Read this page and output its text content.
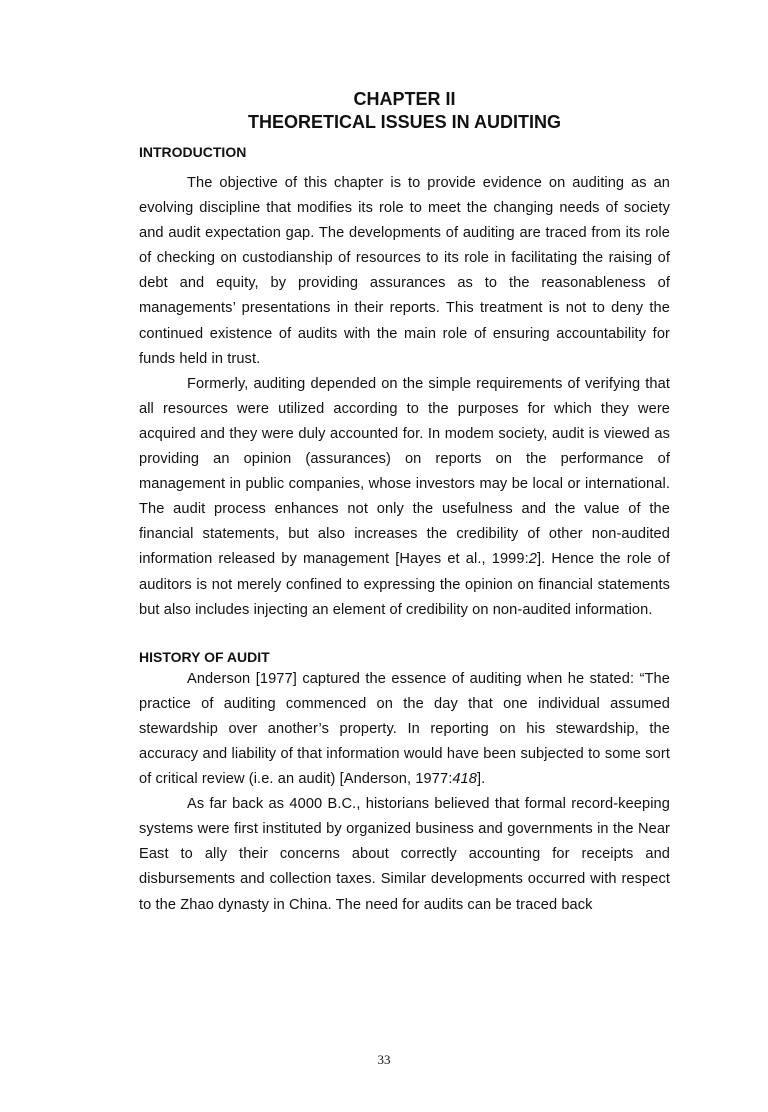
CHAPTER II
THEORETICAL ISSUES IN AUDITING
INTRODUCTION

The objective of this chapter is to provide evidence on auditing as an evolving discipline that modifies its role to meet the changing needs of society and audit expectation gap. The developments of auditing are traced from its role of checking on custodianship of resources to its role in facilitating the raising of debt and equity, by providing assurances as to the reasonableness of managements’ presentations in their reports. This treatment is not to deny the continued existence of audits with the main role of ensuring accountability for funds held in trust.

Formerly, auditing depended on the simple requirements of verifying that all resources were utilized according to the purposes for which they were acquired and they were duly accounted for. In modem society, audit is viewed as providing an opinion (assurances) on reports on the performance of management in public companies, whose investors may be local or international. The audit process enhances not only the usefulness and the value of the financial statements, but also increases the credibility of other non-audited information released by management [Hayes et al., 1999:2]. Hence the role of auditors is not merely confined to expressing the opinion on financial statements but also includes injecting an element of credibility on non-audited information.

HISTORY OF AUDIT

Anderson [1977] captured the essence of auditing when he stated: “The practice of auditing commenced on the day that one individual assumed stewardship over another’s property. In reporting on his stewardship, the accuracy and liability of that information would have been subjected to some sort of critical review (i.e. an audit) [Anderson, 1977:418].

As far back as 4000 B.C., historians believed that formal record-keeping systems were first instituted by organized business and governments in the Near East to ally their concerns about correctly accounting for receipts and disbursements and collection taxes. Similar developments occurred with respect to the Zhao dynasty in China. The need for audits can be traced back

33
